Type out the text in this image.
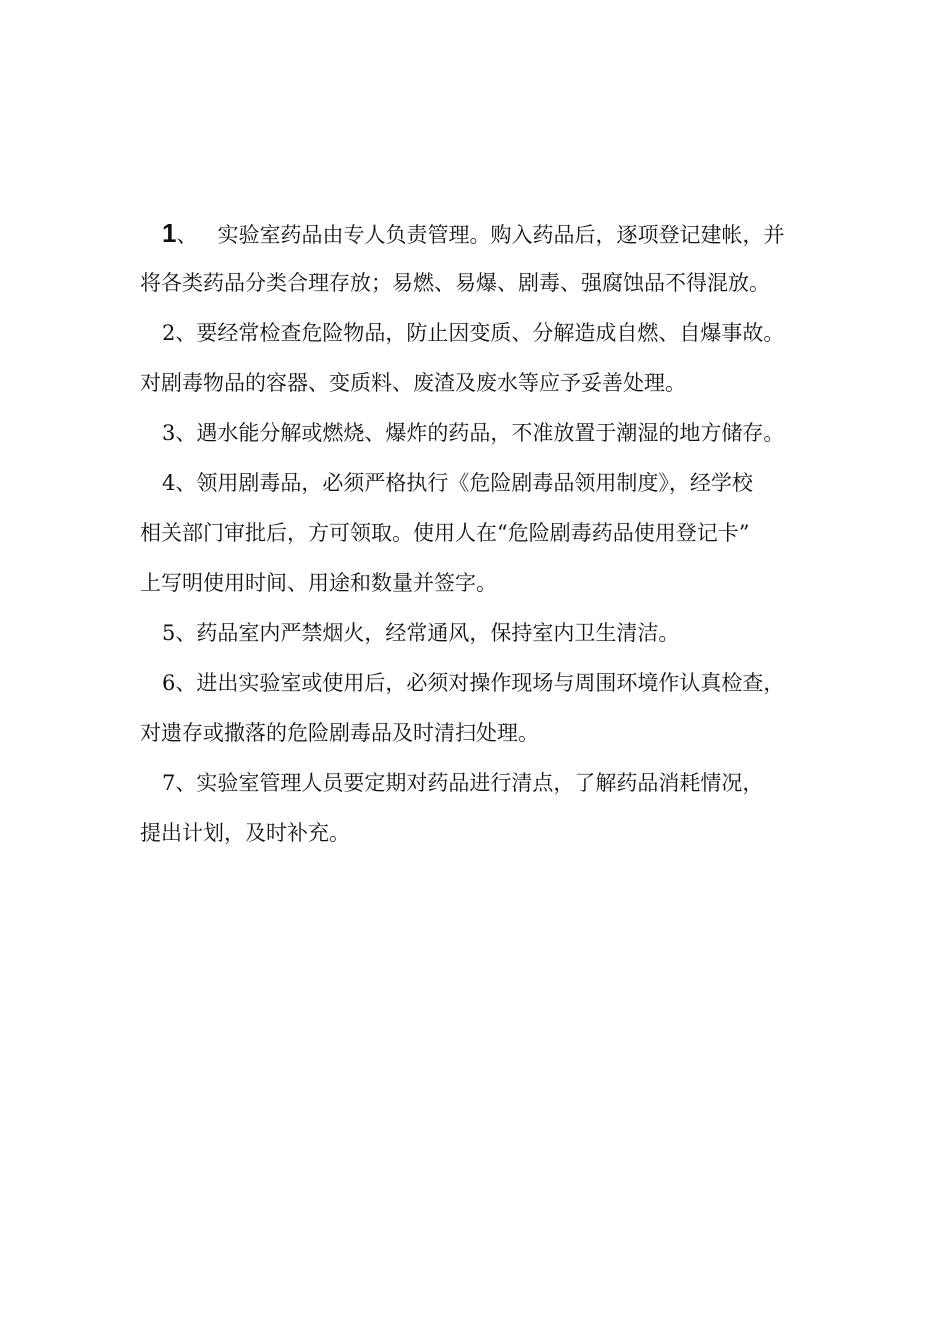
1、 实验室药品由专人负责管理。购入药品后，逐项登记建帐，并
将各类药品分类合理存放；易燃、易爆、剧毒、强腐蚀品不得混放。
2、要经常检查危险物品，防止因变质、分解造成自燃、自爆事故。
对剧毒物品的容器、变质料、废渣及废水等应予妥善处理。
3、遇水能分解或燃烧、爆炸的药品，不准放置于潮湿的地方储存。
4、领用剧毒品，必须严格执行《危险剧毒品领用制度》，经学校
相关部门审批后，方可领取。使用人在“危险剧毒药品使用登记卡”
上写明使用时间、用途和数量并签字。
5、药品室内严禁烟火，经常通风，保持室内卫生清洁。
6、进出实验室或使用后，必须对操作现场与周围环境作认真检查，
对遗存或撒落的危险剧毒品及时清扫处理。
7、实验室管理人员要定期对药品进行清点，了解药品消耗情况，
提出计划，及时补充。
